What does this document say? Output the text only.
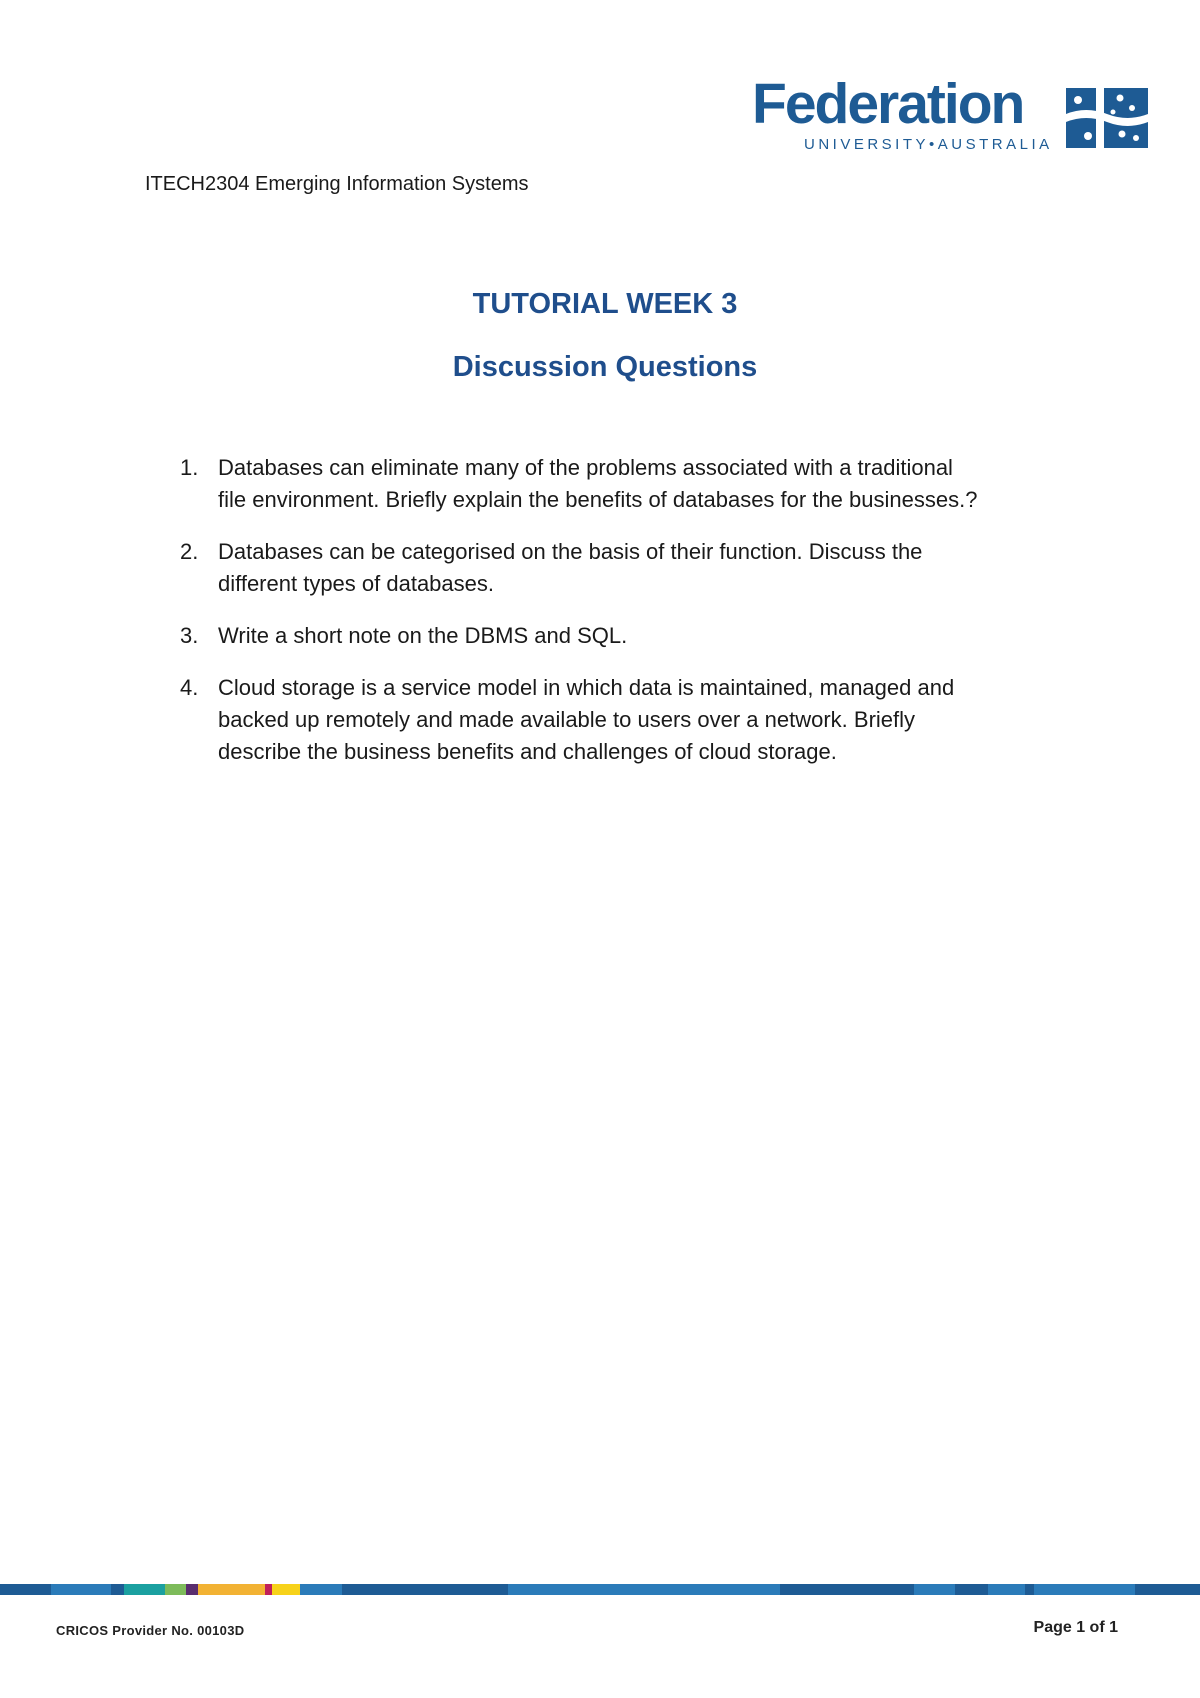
Federation
UNIVERSITY•AUSTRALIA
ITECH2304 Emerging Information Systems
TUTORIAL WEEK 3
Discussion Questions
1. Databases can eliminate many of the problems associated with a traditional
file environment. Briefly explain the benefits of databases for the businesses.?
2. Databases can be categorised on the basis of their function. Discuss the
different types of databases.
3. Write a short note on the DBMS and SQL.
4. Cloud storage is a service model in which data is maintained, managed and
backed up remotely and made available to users over a network. Briefly
describe the business benefits and challenges of cloud storage.
CRICOS Provider No. 00103D	Page 1 of 1
